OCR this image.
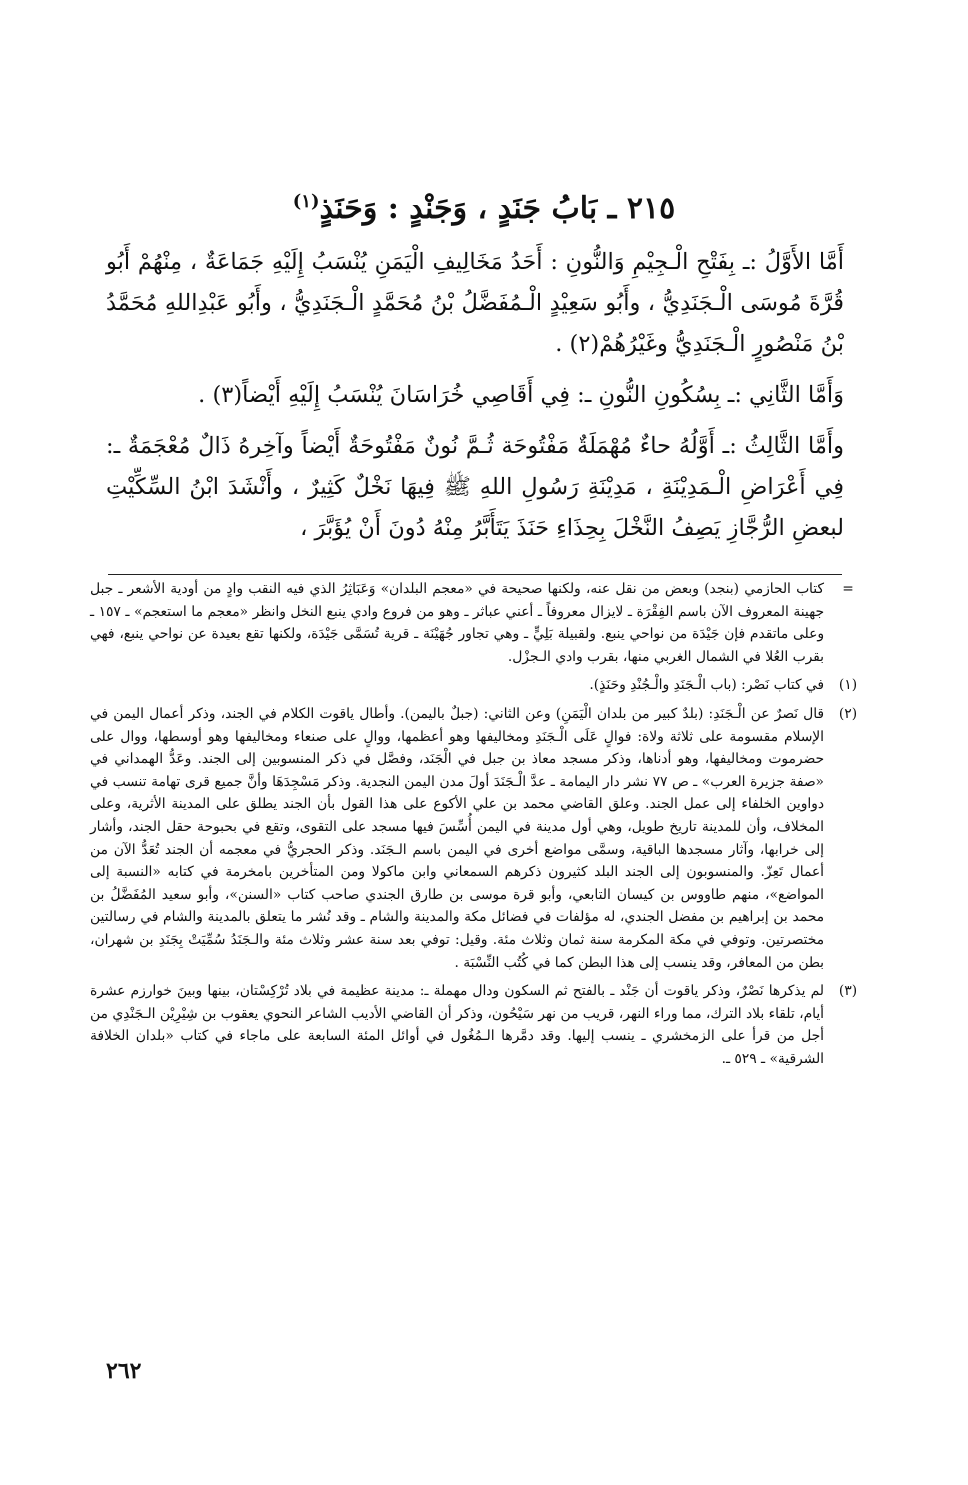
٢١٥ ـ بَابُ جَنَدٍ ، وَجَنْدٍ : وَحَنَذٍ$^{(١)}$

أَمَّا الأَوَّلُ :ـ بِفَتْحِ الْـجِيْمِ وَالنُّونِ : أَحَدُ مَخَالِيفِ الْيَمَنِ يُنْسَبُ إِلَيْهِ جَمَاعَةٌ ، مِنْهُمْ أَبُو قُرَّةَ مُوسَى الْـجَنَدِيُّ ، وأَبُو سَعِيْدٍ الْـمُفَضَّلُ بْنُ مُحَمَّدٍ الْـجَنَدِيُّ ، وأَبُو عَبْدِاللهِ مُحَمَّدُ بْنُ مَنْصُورٍ الْـجَنَدِيُّ وغَيْرُهُمْ(٢) .

وَأَمَّا الثَّانِي :ـ بِسُكُونِ النُّونِ ـ: فِي أَقَاصِي خُرَاسَانَ يُنْسَبُ إِلَيْهِ أَيْضاً(٣) .

وأَمَّا الثَّالِثُ :ـ أَوَّلُهُ حاءٌ مُهْمَلَةٌ مَفْتُوحَة ثُـمَّ نُونٌ مَفْتُوحَةٌ أَيْضاً وآخِرهُ ذَالٌ مُعْجَمَةٌ ـ: فِي أَعْرَاضِ الْـمَدِيْنَةِ ، مَدِيْنَةِ رَسُولِ اللهِ ﷺ فِيهَا نَخْلٌ كَثِيرٌ ، وأَنْشَدَ ابْنُ السِّكِّيْتِ لبعضِ الرُّجَّازِ يَصِفُ النَّخْلَ بِحِذَاءِ حَنَذَ يَتَأَبَّرُ مِنْهُ دُونَ أَنْ يُؤَبَّرَ ،

=
كتاب الحازمي (بنجد) وبعض من نقل عنه، ولكنها صحيحة في «معجم البلدان» وَعَبَاثِرُ الذي فيه النقب وادٍ من أودية الأشعر ـ جبل جهينة المعروف الآن باسم الفِقْرَة ـ لايزال معروفاً ـ أعني عباثر ـ وهو من فروع وادي ينبع النخل وانظر «معجم ما استعجم» ـ ١٥٧ ـ وعلى ماتقدم فإن جَيْدَة من نواحي ينبع. ولقبيلة بَلِيٍّ ـ وهي تجاور جُهَيْنَة ـ قرية تُسَمَّى جَيْدَة، ولكنها تقع بعيدة عن نواحي ينبع، فهي بقرب العُلا في الشمال الغربي منها، بقرب وادي الـجزْل.
(١)
في كتاب نَصْر: (باب الْـجَنَدِ والْـجُنْدِ وحَنَذٍ).
(٢)
قال نَصرٌ عن الْـجَنَدِ: (بلدٌ كبير من بلدان الْيَمَنِ) وعن الثاني: (جبلٌ باليمن). وأطال ياقوت الكلام في الجند، وذكر أعمال اليمن في الإسلام مقسومة على ثلاثة ولاة: فوالٍ عَلَى الْـجَنَدِ ومخاليفها وهو أعظمها، ووالٍ على صنعاء ومخاليفها وهو أوسطها، ووال على حضرموت ومخاليفها، وهو أدناها، وذكر مسجد معاذ بن جبل في الْجَنَد، وفصَّل في ذكر المنسوبين إلى الجند. وعَدُّ الهمداني في «صفة جزيرة العرب» ـ ص ٧٧ نشر دار اليمامة ـ عدَّ الْـجَنَدَ أولَ مدن اليمن النجدية. وذكر مَسْجِدَهَا وأنَّ جميع قرى تهامة تنسب في دواوين الخلفاء إلى عمل الجند. وعلق القاضي محمد بن علي الأكوع على هذا القول بأن الجند يطلق على المدينة الأثرية، وعلى المخلاف، وأن للمدينة تاريخ طويل، وهي أول مدينة في اليمن أُسِّسَ فيها مسجد على التقوى، وتقع في بحبوحة حقل الجند، وأشار إلى خرابها، وآثار مسجدها الباقية، وسمَّى مواضع أخرى في اليمن باسم الـجَنَد. وذكر الحجريُّ في معجمه أن الجند تُعَدُّ الآن من أعمال تَعِزّ. والمنسوبون إلى الجند البلد كثيرون ذكرهم السمعاني وابن ماكولا ومن المتأخرين بامخرمة في كتابه «النسبة إلى المواضع»، منهم طاووس بن كيسان التابعي، وأبو قرة موسى بن طارق الجندي صاحب كتاب «السنن»، وأبو سعيد المُفَضَّلُ بن محمد بن إبراهيم بن مفضل الجندي، له مؤلفات في فضائل مكة والمدينة والشام ـ وقد نُشر ما يتعلق بالمدينة والشام في رسالتين مختصرتين. وتوفي في مكة المكرمة سنة ثمان وثلاث مئة. وقيل: توفي بعد سنة عشر وثلاث مئة والـجَنَدُ سُمِّيَتْ بِجَنَدِ بن شهران، بطن من المعافر، وقد ينسب إلى هذا البطن كما في كُتُب النِّسْبَة .
(٣)
لم يذكرها نَصْرٌ، وذكر ياقوت أن جَنْد ـ بالفتح ثم السكون ودال مهملة ـ: مدينة عظيمة في بلاد تُرْكِسْتان، بينها وبينَ خوارزم عشرة أيام، تلقاء بلاد الترك، مما وراء النهر، قريب من نهر سَيْحُون، وذكر أن القاضي الأديب الشاعر النحوي يعقوب بن شِيْرِيْن الـجَنْدِي من أجل من قرأ على الزمخشري ـ ينسب إليها. وقد دمَّرها الـمُغُول في أوائل المئة السابعة على ماجاء في كتاب «بلدان الخلافة الشرقية» ـ ٥٢٩ ـ.
٢٦٢
